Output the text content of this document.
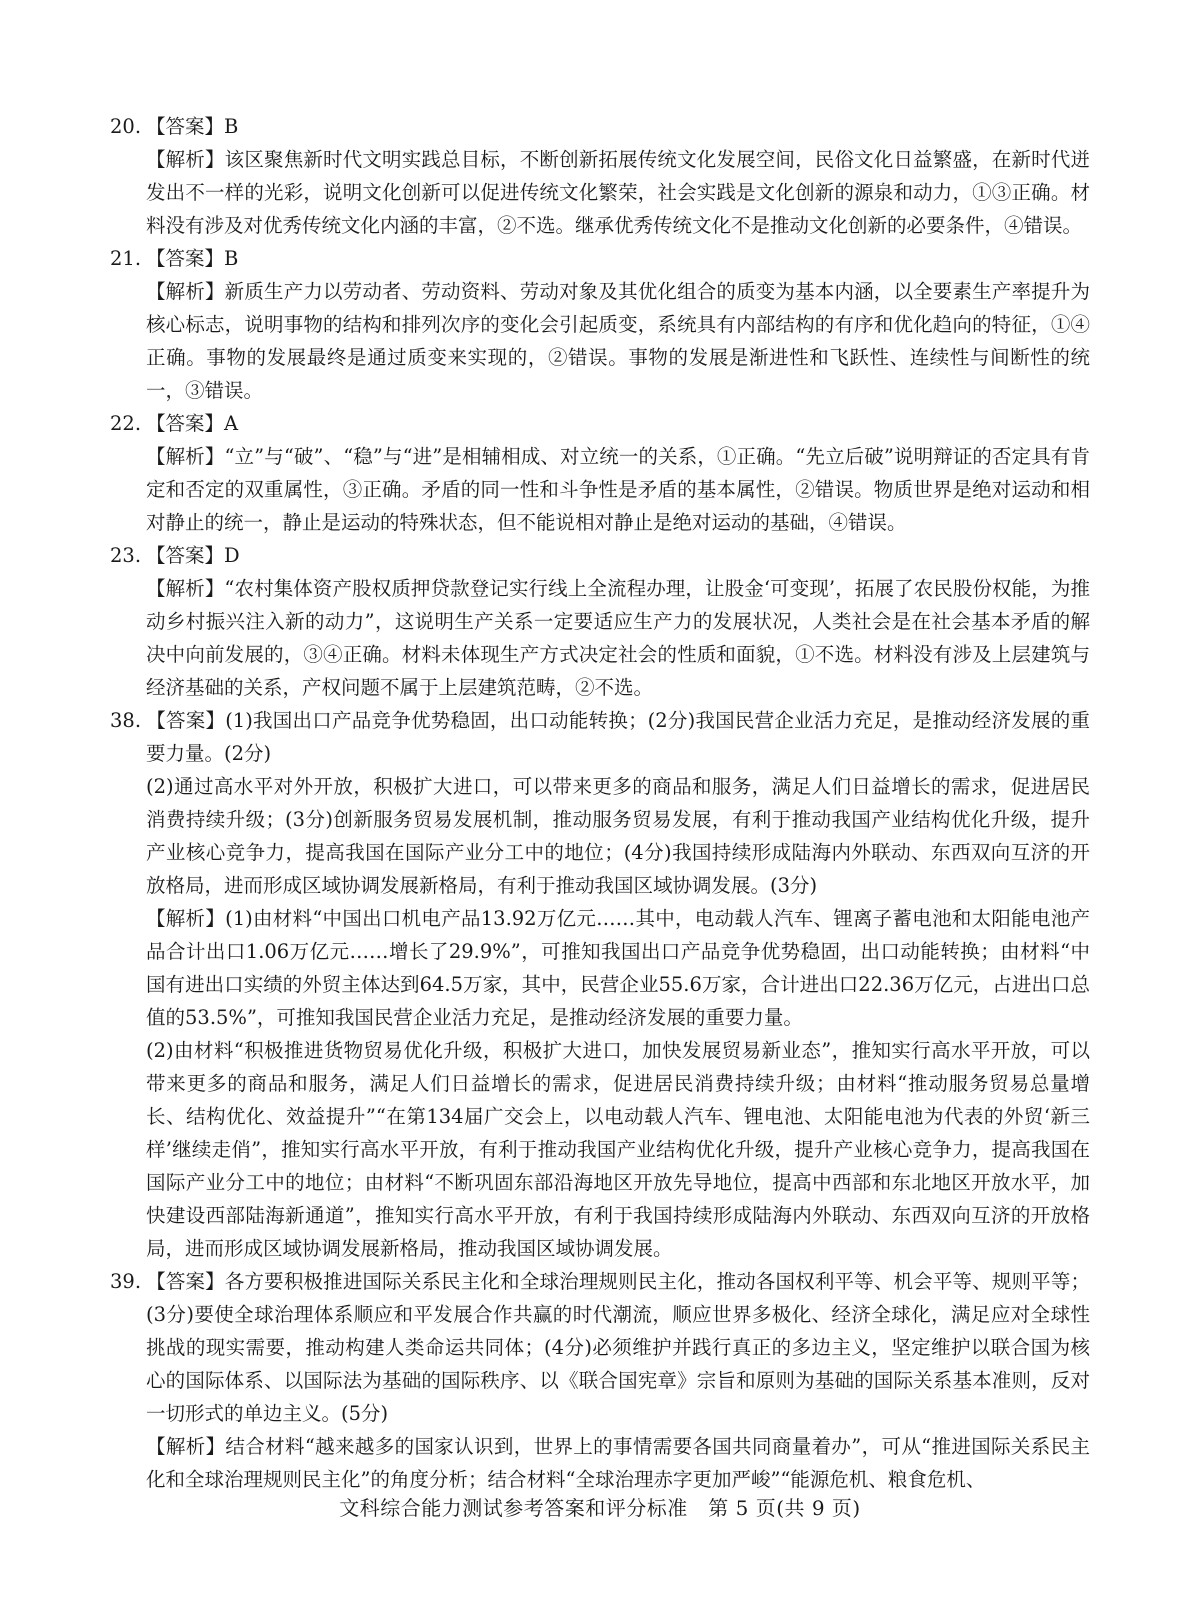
20. 【答案】B
【解析】该区聚焦新时代文明实践总目标，不断创新拓展传统文化发展空间，民俗文化日益繁盛，在新时代迸发出不一样的光彩，说明文化创新可以促进传统文化繁荣，社会实践是文化创新的源泉和动力，①③正确。材料没有涉及对优秀传统文化内涵的丰富，②不选。继承优秀传统文化不是推动文化创新的必要条件，④错误。
21. 【答案】B
【解析】新质生产力以劳动者、劳动资料、劳动对象及其优化组合的质变为基本内涵，以全要素生产率提升为核心标志，说明事物的结构和排列次序的变化会引起质变，系统具有内部结构的有序和优化趋向的特征，①④正确。事物的发展最终是通过质变来实现的，②错误。事物的发展是渐进性和飞跃性、连续性与间断性的统一，③错误。
22. 【答案】A
【解析】“立”与“破”、“稳”与“进”是相辅相成、对立统一的关系，①正确。“先立后破”说明辩证的否定具有肯定和否定的双重属性，③正确。矛盾的同一性和斗争性是矛盾的基本属性，②错误。物质世界是绝对运动和相对静止的统一，静止是运动的特殊状态，但不能说相对静止是绝对运动的基础，④错误。
23. 【答案】D
【解析】“农村集体资产股权质押贷款登记实行线上全流程办理，让股金‘可变现’，拓展了农民股份权能，为推动乡村振兴注入新的动力”，这说明生产关系一定要适应生产力的发展状况，人类社会是在社会基本矛盾的解决中向前发展的，③④正确。材料未体现生产方式决定社会的性质和面貌，①不选。材料没有涉及上层建筑与经济基础的关系，产权问题不属于上层建筑范畴，②不选。
38. 【答案】(1)我国出口产品竞争优势稳固，出口动能转换；(2分)我国民营企业活力充足，是推动经济发展的重要力量。(2分)
(2)通过高水平对外开放，积极扩大进口，可以带来更多的商品和服务，满足人们日益增长的需求，促进居民消费持续升级；(3分)创新服务贸易发展机制，推动服务贸易发展，有利于推动我国产业结构优化升级，提升产业核心竞争力，提高我国在国际产业分工中的地位；(4分)我国持续形成陆海内外联动、东西双向互济的开放格局，进而形成区域协调发展新格局，有利于推动我国区域协调发展。(3分)
【解析】(1)由材料“中国出口机电产品13.92万亿元……其中，电动载人汽车、锂离子蓄电池和太阳能电池产品合计出口1.06万亿元……增长了29.9%”，可推知我国出口产品竞争优势稳固，出口动能转换；由材料“中国有进出口实绩的外贸主体达到64.5万家，其中，民营企业55.6万家，合计进出口22.36万亿元，占进出口总值的53.5%”，可推知我国民营企业活力充足，是推动经济发展的重要力量。
(2)由材料“积极推进货物贸易优化升级，积极扩大进口，加快发展贸易新业态”，推知实行高水平开放，可以带来更多的商品和服务，满足人们日益增长的需求，促进居民消费持续升级；由材料“推动服务贸易总量增长、结构优化、效益提升”“在第134届广交会上，以电动载人汽车、锂电池、太阳能电池为代表的外贸‘新三样’继续走俏”，推知实行高水平开放，有利于推动我国产业结构优化升级，提升产业核心竞争力，提高我国在国际产业分工中的地位；由材料“不断巩固东部沿海地区开放先导地位，提高中西部和东北地区开放水平，加快建设西部陆海新通道”，推知实行高水平开放，有利于我国持续形成陆海内外联动、东西双向互济的开放格局，进而形成区域协调发展新格局，推动我国区域协调发展。
39. 【答案】各方要积极推进国际关系民主化和全球治理规则民主化，推动各国权利平等、机会平等、规则平等；(3分)要使全球治理体系顺应和平发展合作共赢的时代潮流，顺应世界多极化、经济全球化，满足应对全球性挑战的现实需要，推动构建人类命运共同体；(4分)必须维护并践行真正的多边主义，坚定维护以联合国为核心的国际体系、以国际法为基础的国际秩序、以《联合国宪章》宗旨和原则为基础的国际关系基本准则，反对一切形式的单边主义。(5分)
【解析】结合材料“越来越多的国家认识到，世界上的事情需要各国共同商量着办”，可从“推进国际关系民主化和全球治理规则民主化”的角度分析；结合材料“全球治理赤字更加严峻”“能源危机、粮食危机、
文科综合能力测试参考答案和评分标准　第 5 页(共 9 页)
